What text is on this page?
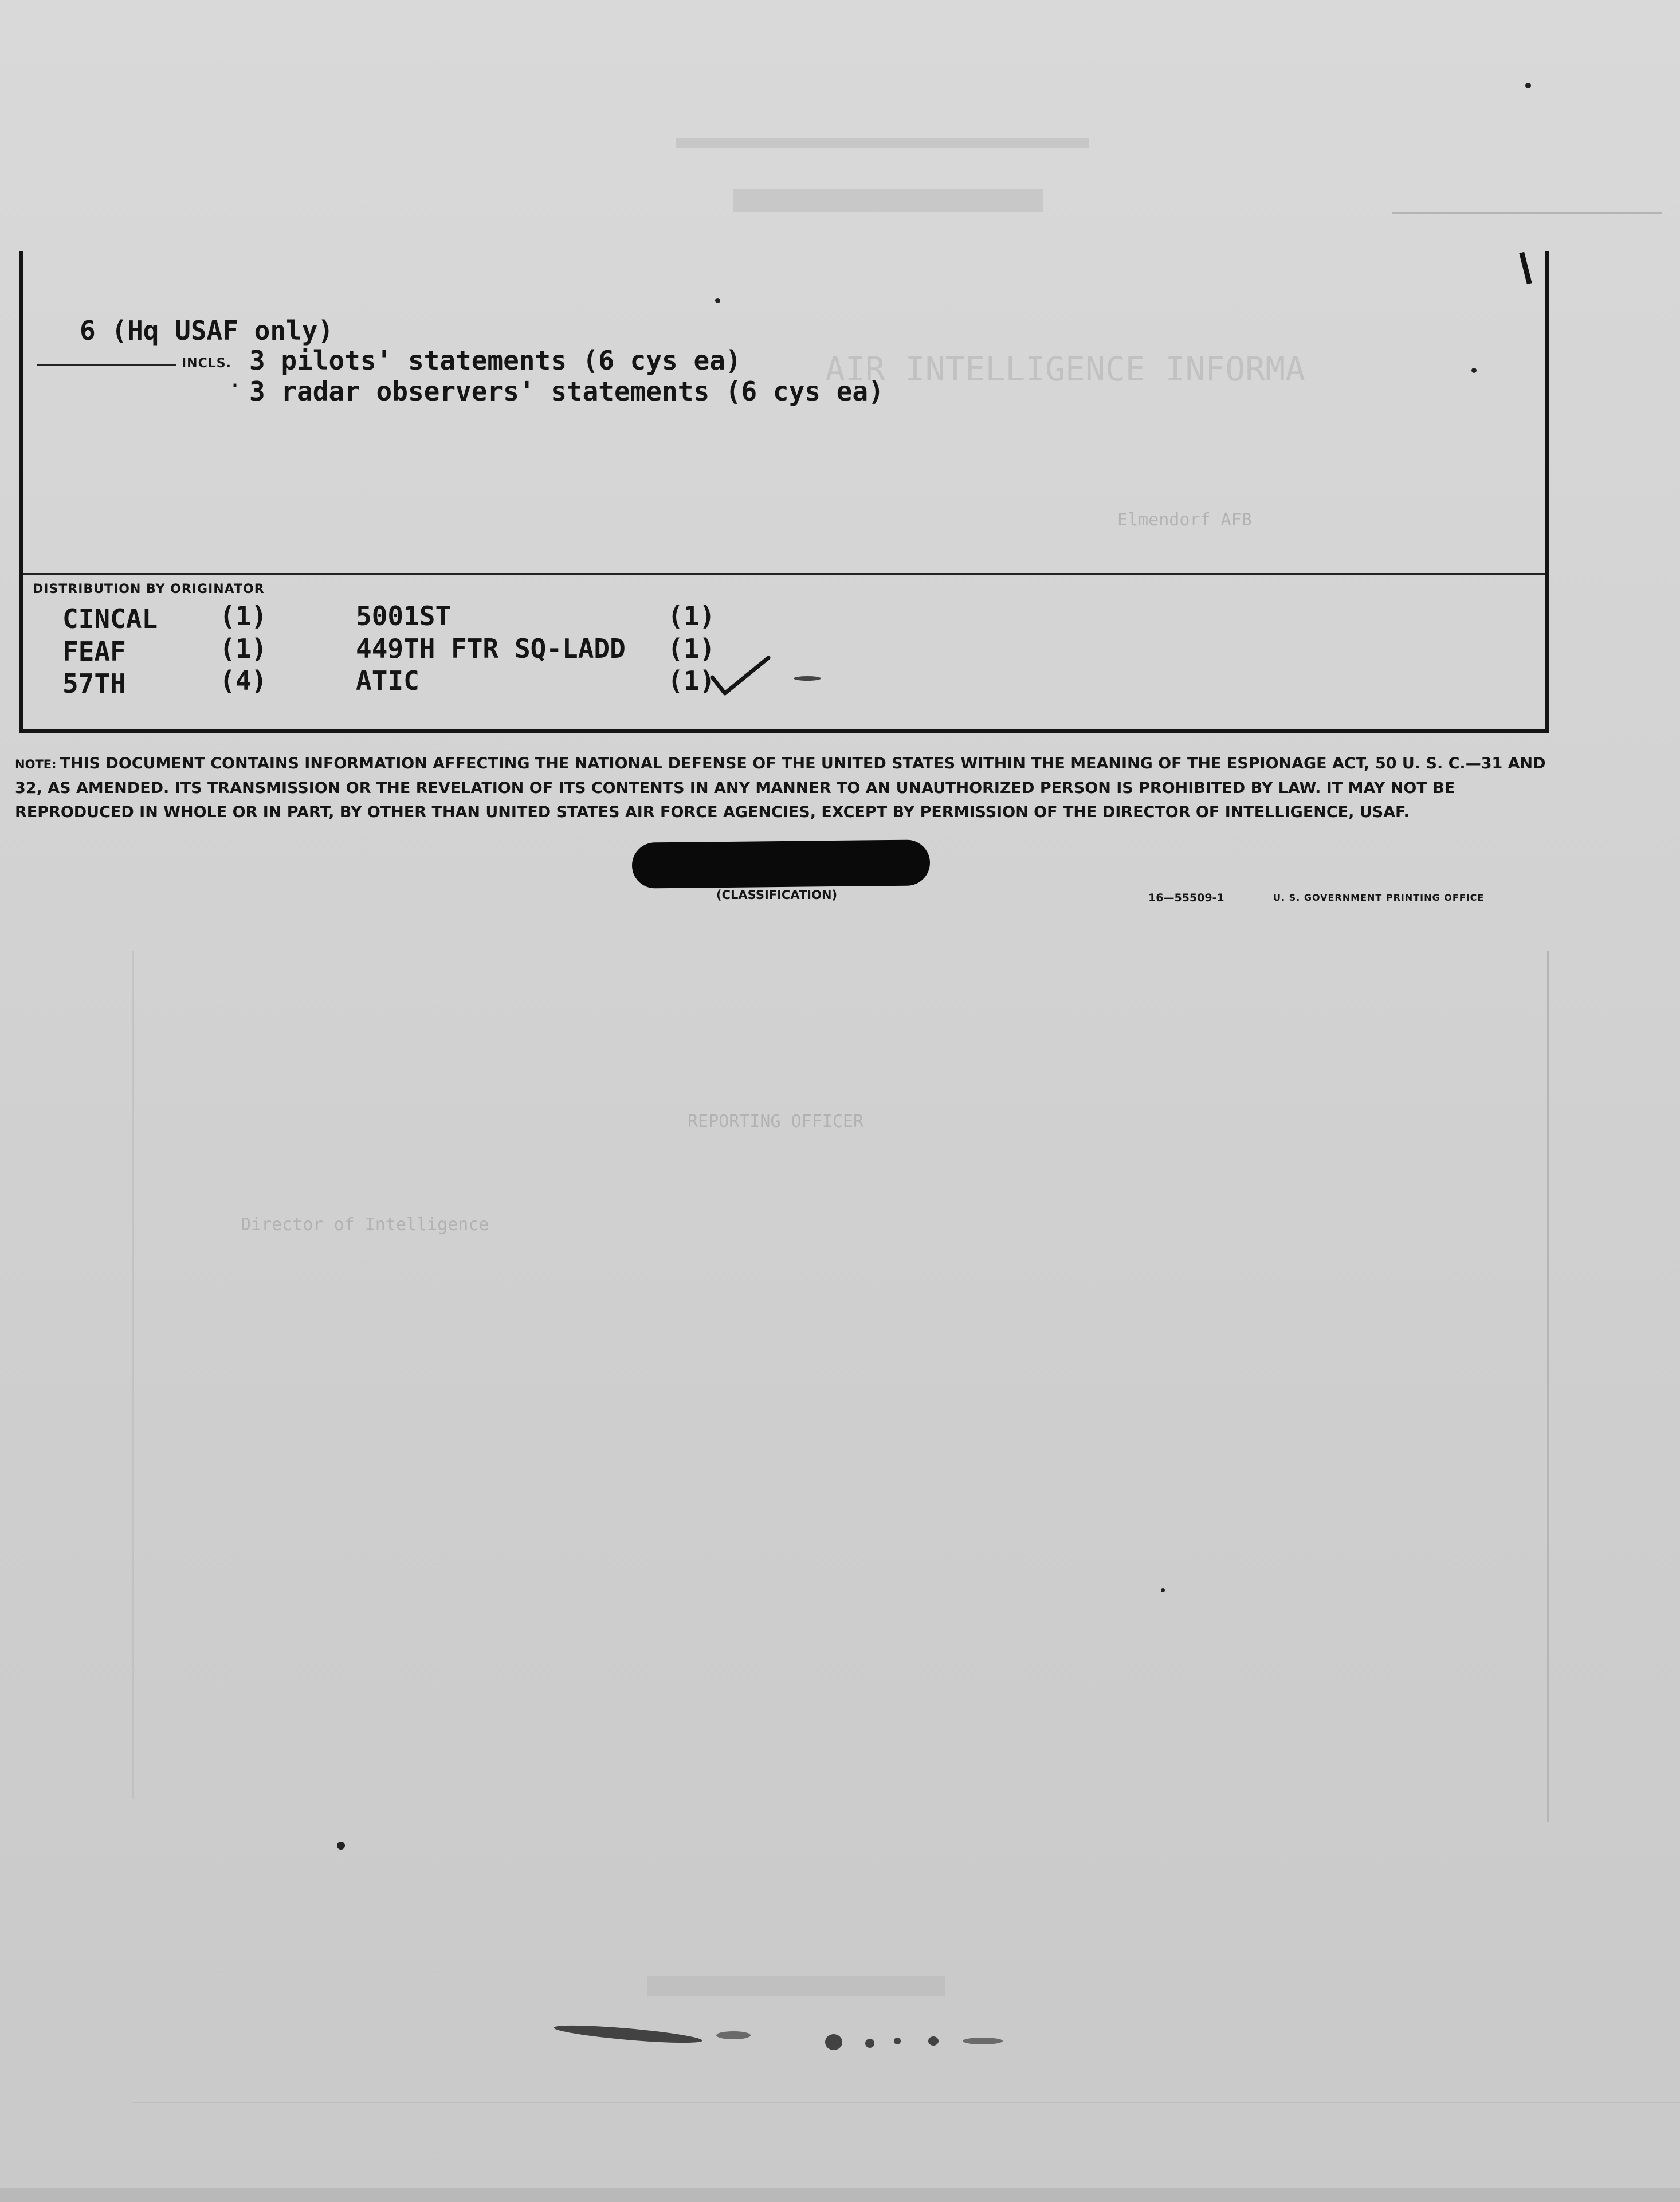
AIR INTELLIGENCE INFORMA
Elmendorf AFB
REPORTING OFFICER
Director of Intelligence
6 (Hq USAF only)
INCLS. 3 pilots' statements (6 cys ea)
· 3 radar observers' statements (6 cys ea)
DISTRIBUTION BY ORIGINATOR
CINCAL (1)	5001ST	(1)
FEAF	(1)	449TH FTR SQ-LADD (1)
57TH	(4)	ATIC	(1)
NOTE: THIS DOCUMENT CONTAINS INFORMATION AFFECTING THE NATIONAL DEFENSE OF THE UNITED STATES WITHIN THE MEANING OF THE ESPIONAGE ACT, 50 U. S. C.—31 AND 32, AS AMENDED. ITS TRANSMISSION OR THE REVELATION OF ITS CONTENTS IN ANY MANNER TO AN UNAUTHORIZED PERSON IS PROHIBITED BY LAW. IT MAY NOT BE REPRODUCED IN WHOLE OR IN PART, BY OTHER THAN UNITED STATES AIR FORCE AGENCIES, EXCEPT BY PERMISSION OF THE DIRECTOR OF INTELLIGENCE, USAF.
(CLASSIFICATION)	16—55509-1	U. S. GOVERNMENT PRINTING OFFICE
